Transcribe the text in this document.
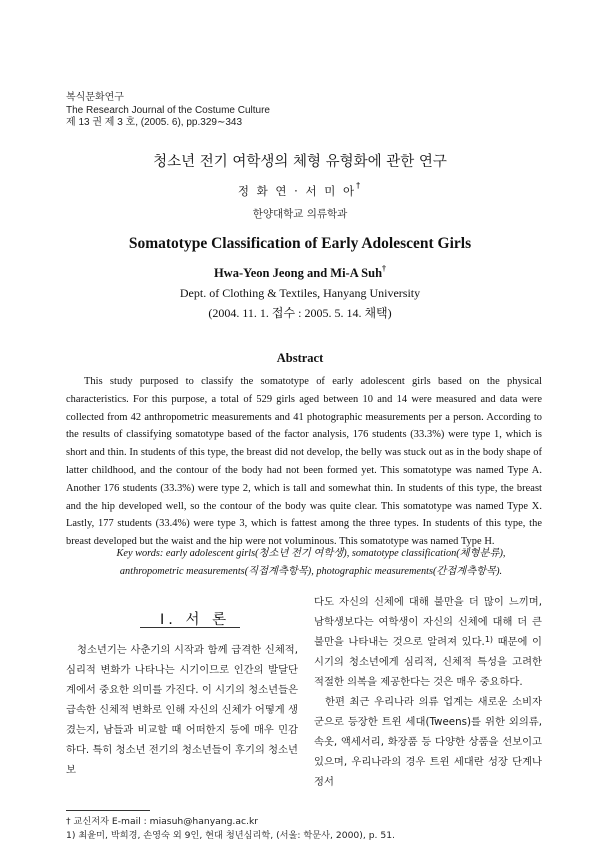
복식문화연구
The Research Journal of the Costume Culture
제 13 권 제 3 호, (2005. 6), pp.329∼343
청소년 전기 여학생의 체형 유형화에 관한 연구
정 화 연 · 서 미 아†
한양대학교 의류학과
Somatotype Classification of Early Adolescent Girls
Hwa-Yeon Jeong and Mi-A Suh†
Dept. of Clothing & Textiles, Hanyang University
(2004. 11. 1. 접수 : 2005. 5. 14. 채택)
Abstract
This study purposed to classify the somatotype of early adolescent girls based on the physical characteristics. For this purpose, a total of 529 girls aged between 10 and 14 were measured and data were collected from 42 anthropometric measurements and 41 photographic measurements per a person. According to the results of classifying somatotype based of the factor analysis, 176 students (33.3%) were type 1, which is short and thin. In students of this type, the breast did not develop, the belly was stuck out as in the body shape of latter childhood, and the contour of the body had not been formed yet. This somatotype was named Type A. Another 176 students (33.3%) were type 2, which is tall and somewhat thin. In students of this type, the breast and the hip developed well, so the contour of the body was quite clear. This somatotype was named Type X. Lastly, 177 students (33.4%) were type 3, which is fattest among the three types. In students of this type, the breast developed but the waist and the hip were not voluminous. This somatotype was named Type H.
Key words: early adolescent girls(청소년 전기 여학생), somatotype classification(체형분류), anthropometric measurements(직접계측항목), photographic measurements(간접계측항목).
Ⅰ. 서 론

청소년기는 사춘기의 시작과 함께 급격한 신체적, 심리적 변화가 나타나는 시기이므로 인간의 발달단계에서 중요한 의미를 가진다. 이 시기의 청소년들은 급속한 신체적 변화로 인해 자신의 신체가 어떻게 생겼는지, 남들과 비교할 때 어떠한지 등에 매우 민감하다. 특히 청소년 전기의 청소년들이 후기의 청소년보

다도 자신의 신체에 대해 불만을 더 많이 느끼며, 남학생보다는 여학생이 자신의 신체에 대해 더 큰 불만을 나타내는 것으로 알려져 있다.$^{1)}$ 때문에 이 시기의 청소년에게 심리적, 신체적 특성을 고려한 적절한 의복을 제공한다는 것은 매우 중요하다.

한편 최근 우리나라 의류 업계는 새로운 소비자군으로 등장한 트윈 세대(Tweens)를 위한 외의류, 속옷, 액세서리, 화장품 등 다양한 상품을 선보이고 있으며, 우리나라의 경우 트윈 세대란 성장 단계나 정서

† 교신저자 E-mail : miasuh@hanyang.ac.kr
1) 최윤미, 박희경, 손영숙 외 9인, 현대 청년심리학, (서울: 학문사, 2000), p. 51.
